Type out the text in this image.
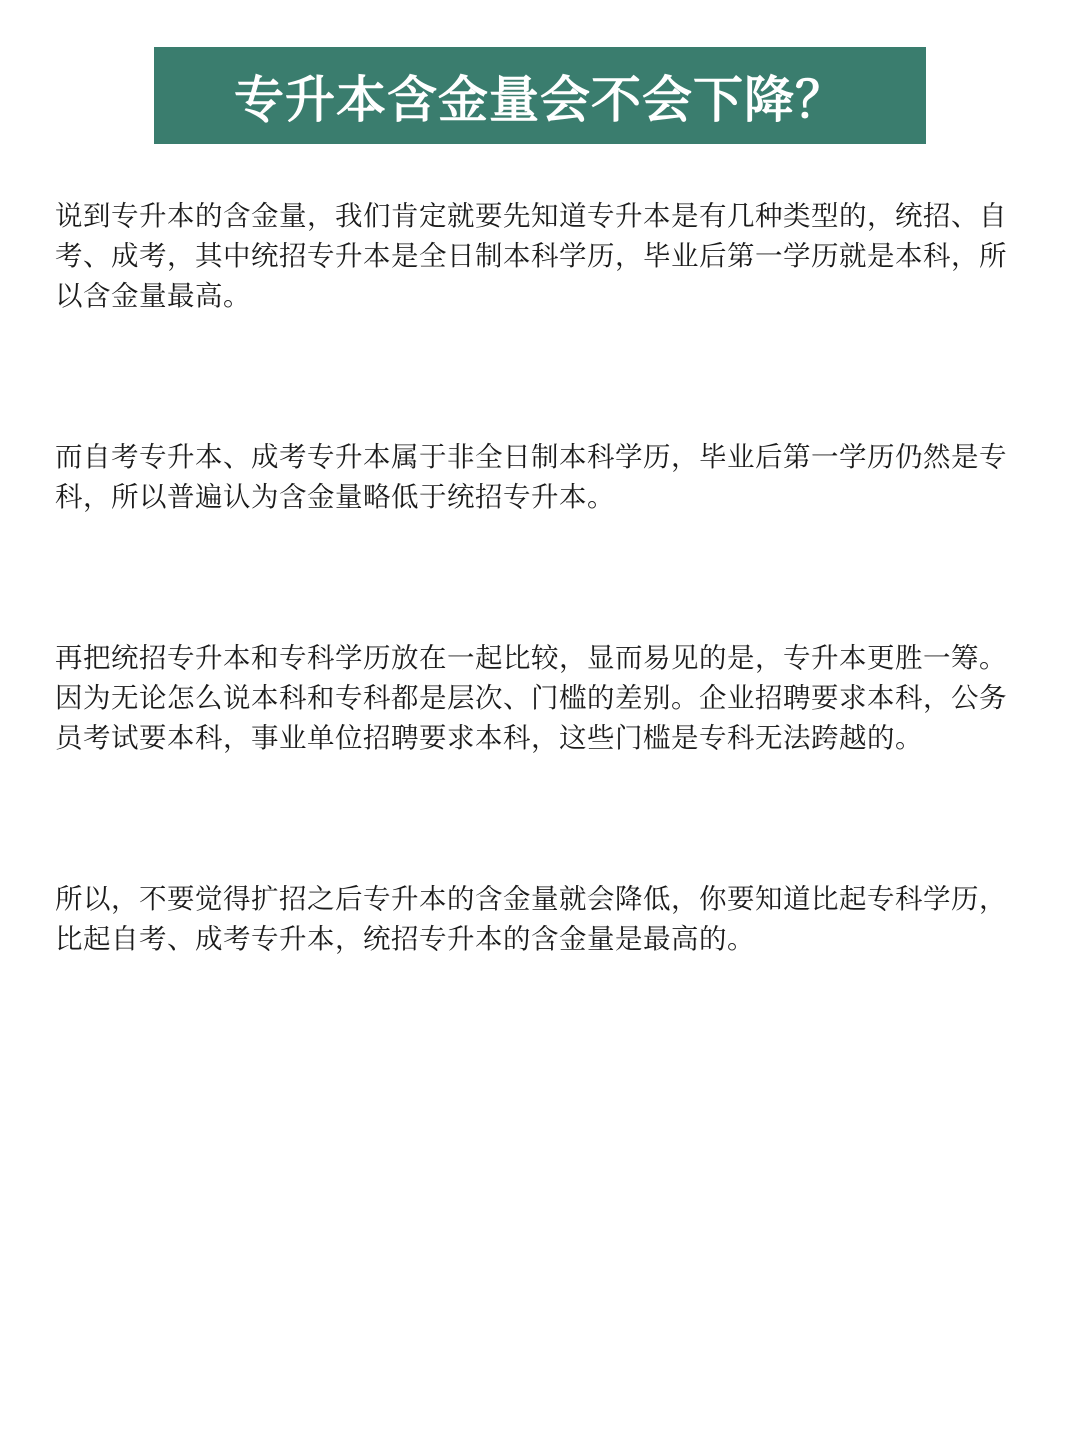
专升本含金量会不会下降？

说到专升本的含金量，我们肯定就要先知道专升本是有几种类型的，统招、自考、成考，其中统招专升本是全日制本科学历，毕业后第一学历就是本科，所以含金量最高。

而自考专升本、成考专升本属于非全日制本科学历，毕业后第一学历仍然是专科，所以普遍认为含金量略低于统招专升本。

再把统招专升本和专科学历放在一起比较，显而易见的是，专升本更胜一筹。因为无论怎么说本科和专科都是层次、门槛的差别。企业招聘要求本科，公务员考试要本科，事业单位招聘要求本科，这些门槛是专科无法跨越的。

所以，不要觉得扩招之后专升本的含金量就会降低，你要知道比起专科学历，比起自考、成考专升本，统招专升本的含金量是最高的。
